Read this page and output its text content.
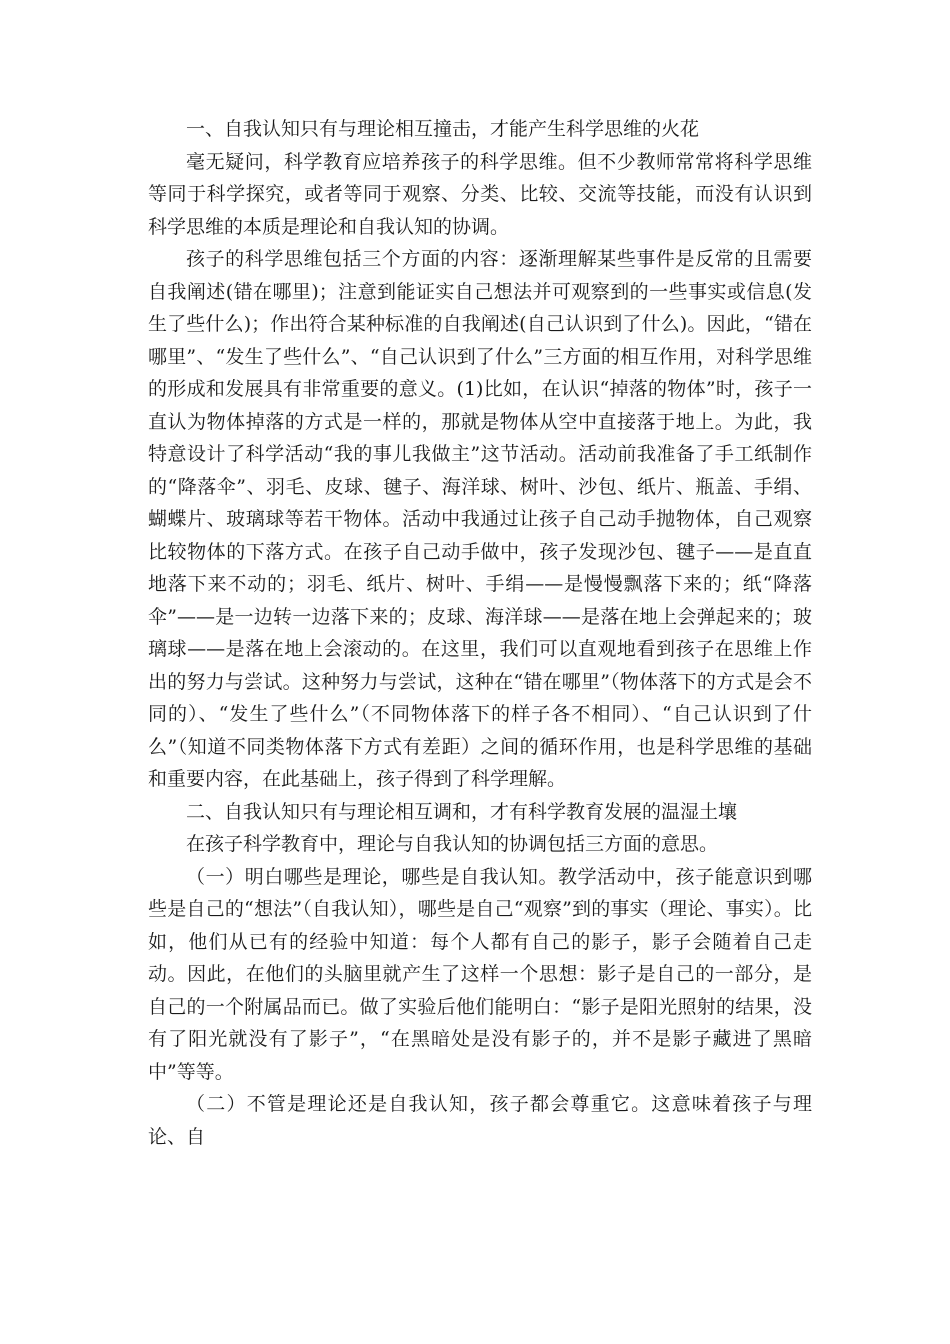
一、自我认知只有与理论相互撞击，才能产生科学思维的火花

毫无疑问，科学教育应培养孩子的科学思维。但不少教师常常将科学思维等同于科学探究，或者等同于观察、分类、比较、交流等技能，而没有认识到科学思维的本质是理论和自我认知的协调。

孩子的科学思维包括三个方面的内容：逐渐理解某些事件是反常的且需要自我阐述(错在哪里)；注意到能证实自己想法并可观察到的一些事实或信息(发生了些什么)；作出符合某种标准的自我阐述(自己认识到了什么)。因此，“错在哪里”、“发生了些什么”、“自己认识到了什么”三方面的相互作用，对科学思维的形成和发展具有非常重要的意义。(1)比如，在认识“掉落的物体”时，孩子一直认为物体掉落的方式是一样的，那就是物体从空中直接落于地上。为此，我特意设计了科学活动“我的事儿我做主”这节活动。活动前我准备了手工纸制作的“降落伞”、羽毛、皮球、毽子、海洋球、树叶、沙包、纸片、瓶盖、手绢、蝴蝶片、玻璃球等若干物体。活动中我通过让孩子自己动手抛物体，自己观察比较物体的下落方式。在孩子自己动手做中，孩子发现沙包、毽子——是直直地落下来不动的；羽毛、纸片、树叶、手绢——是慢慢飘落下来的；纸“降落伞”——是一边转一边落下来的；皮球、海洋球——是落在地上会弹起来的；玻璃球——是落在地上会滚动的。在这里，我们可以直观地看到孩子在思维上作出的努力与尝试。这种努力与尝试，这种在“错在哪里”（物体落下的方式是会不同的）、“发生了些什么”（不同物体落下的样子各不相同）、“自己认识到了什么”（知道不同类物体落下方式有差距）之间的循环作用，也是科学思维的基础和重要内容，在此基础上，孩子得到了科学理解。

二、自我认知只有与理论相互调和，才有科学教育发展的温湿土壤

在孩子科学教育中，理论与自我认知的协调包括三方面的意思。

（一）明白哪些是理论，哪些是自我认知。教学活动中，孩子能意识到哪些是自己的“想法”（自我认知），哪些是自己“观察”到的事实（理论、事实）。比如，他们从已有的经验中知道：每个人都有自己的影子，影子会随着自己走动。因此，在他们的头脑里就产生了这样一个思想：影子是自己的一部分，是自己的一个附属品而已。做了实验后他们能明白：“影子是阳光照射的结果，没有了阳光就没有了影子”，“在黑暗处是没有影子的，并不是影子藏进了黑暗中”等等。

（二）不管是理论还是自我认知，孩子都会尊重它。这意味着孩子与理论、自
